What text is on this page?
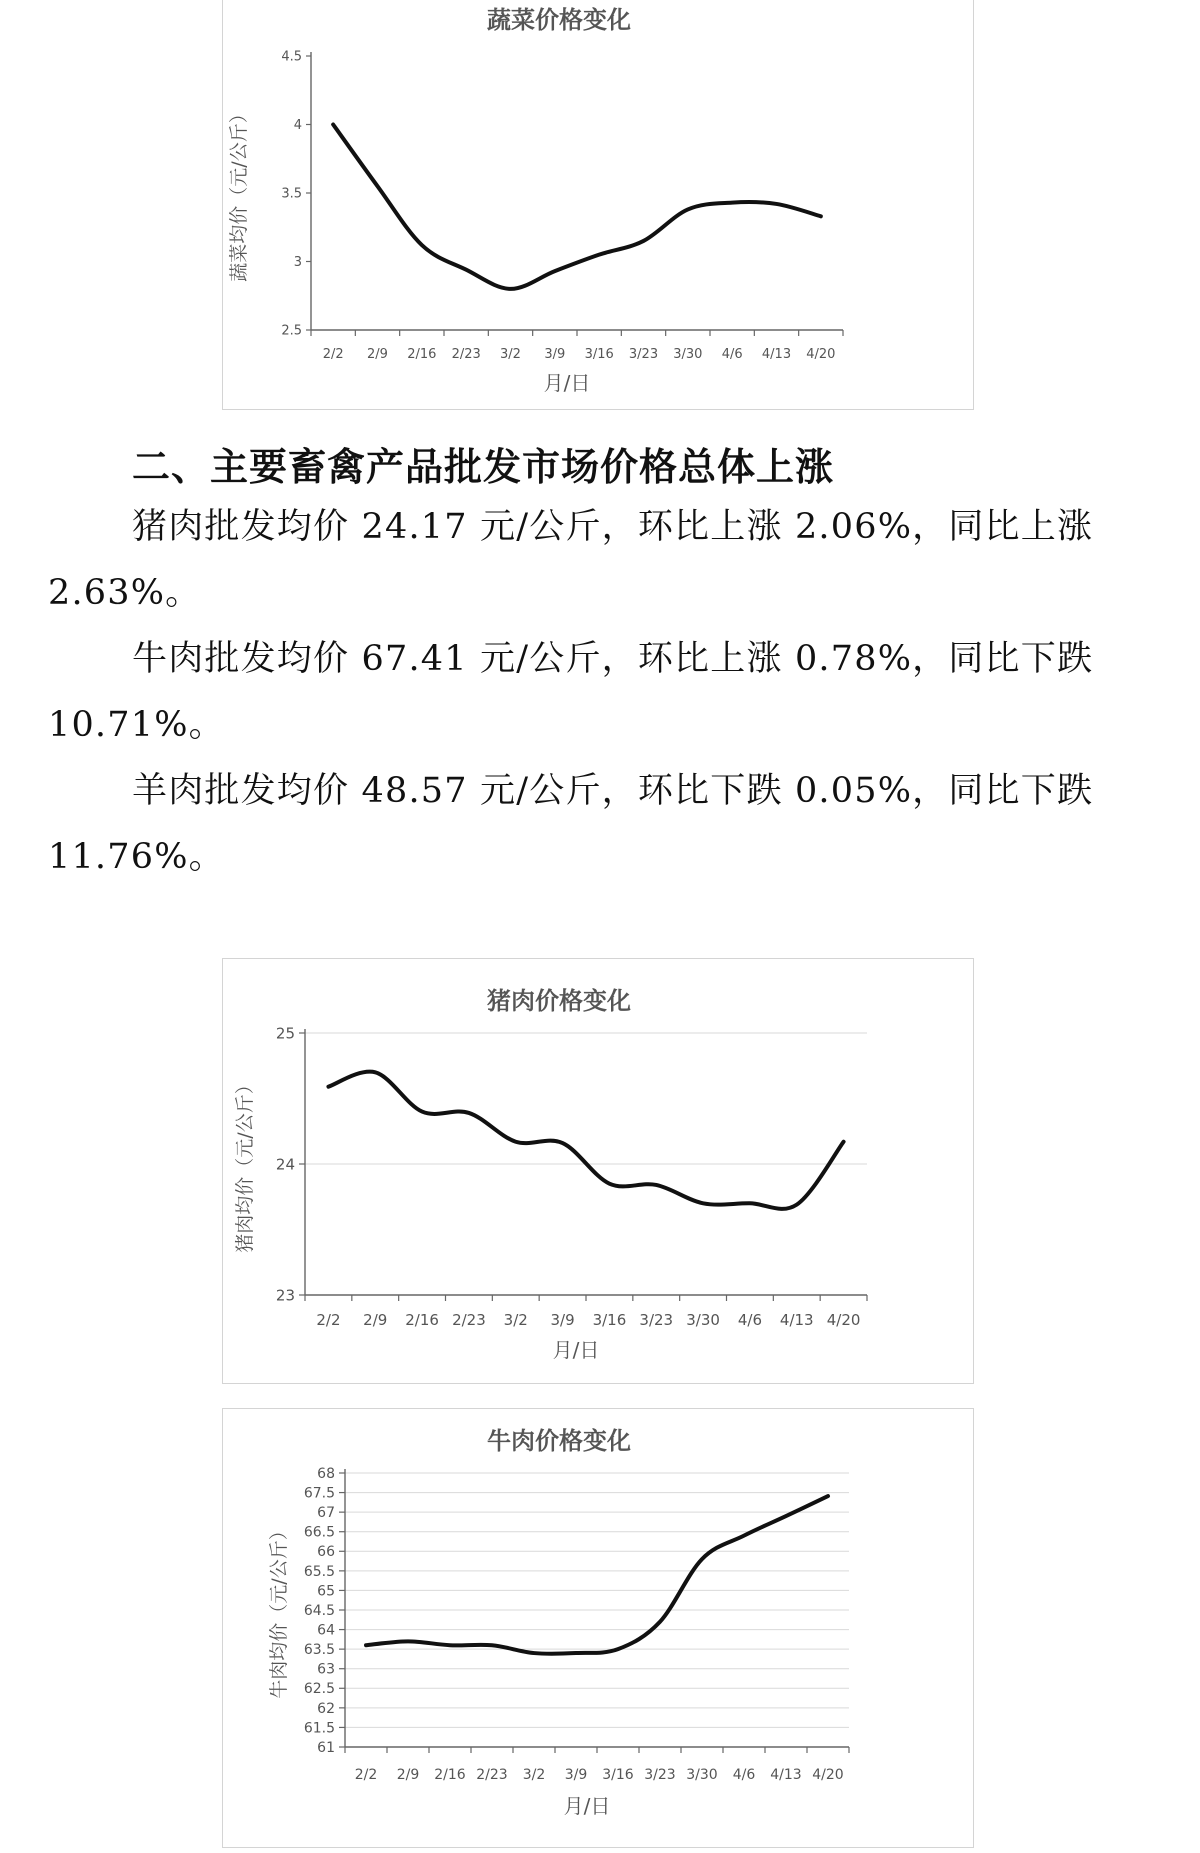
蔬菜价格变化
2.5
3
3.5
4
4.5
2/2 2/9 2/16 2/23 3/2 3/9 3/16 3/23 3/30 4/6 4/13 4/20
月/日
蔬菜均价（元/公斤）
二、主要畜禽产品批发市场价格总体上涨
猪肉批发均价 24.17 元/公斤，环比上涨 2.06%，同比上涨 2.63%。
牛肉批发均价 67.41 元/公斤，环比上涨 0.78%，同比下跌 10.71%。
羊肉批发均价 48.57 元/公斤，环比下跌 0.05%，同比下跌 11.76%。
猪肉价格变化
23
24
25
2/2 2/9 2/16 2/23 3/2 3/9 3/16 3/23 3/30 4/6 4/13 4/20
月/日
猪肉均价（元/公斤）
牛肉价格变化
61
61.5
62
62.5
63
63.5
64
64.5
65
65.5
66
66.5
67
67.5
68
2/2 2/9 2/16 2/23 3/2 3/9 3/16 3/23 3/30 4/6 4/13 4/20
月/日
牛肉均价（元/公斤）
